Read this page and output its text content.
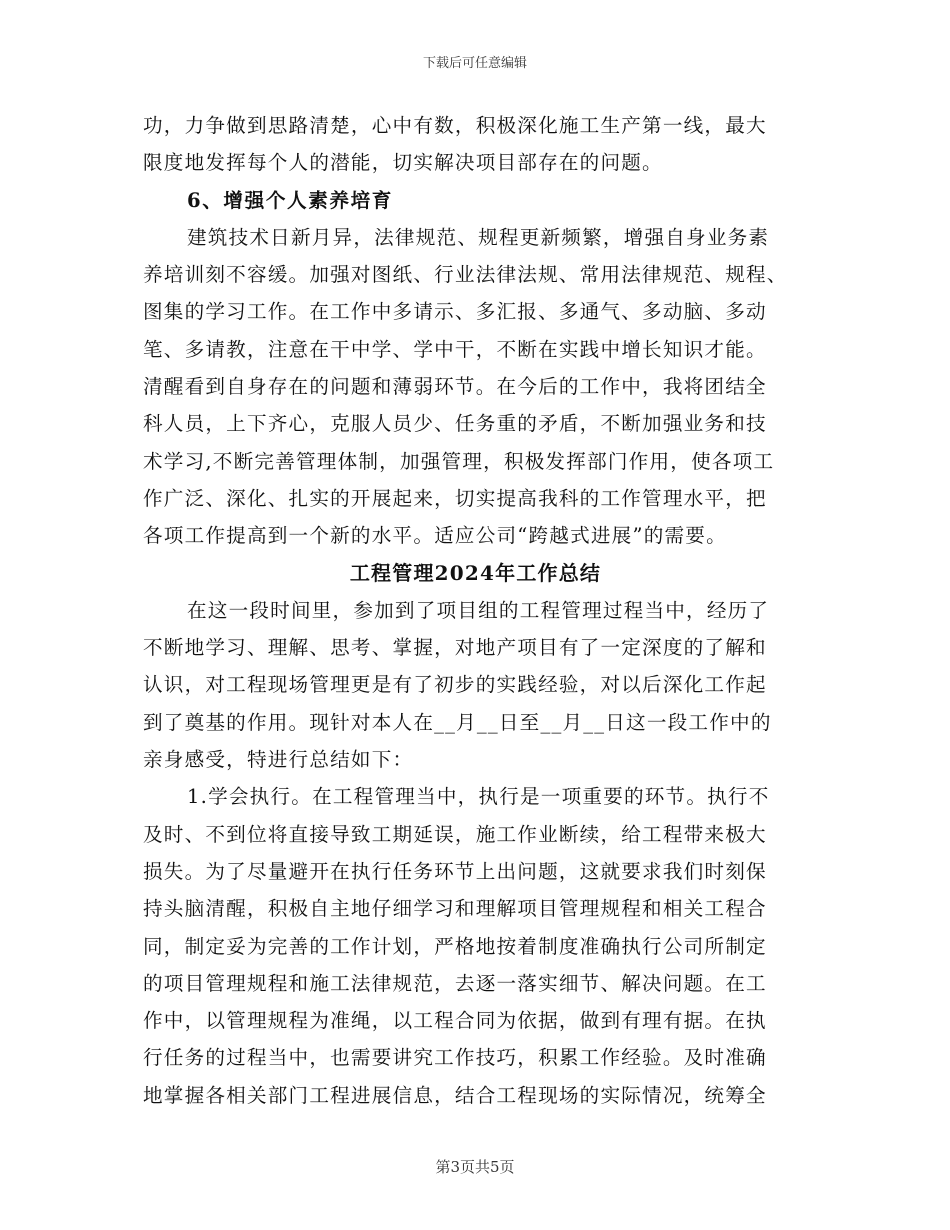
下载后可任意编辑
功，力争做到思路清楚，心中有数，积极深化施工生产第一线，最大
限度地发挥每个人的潜能，切实解决项目部存在的问题。
6、增强个人素养培育
建筑技术日新月异，法律规范、规程更新频繁，增强自身业务素
养培训刻不容缓。加强对图纸、行业法律法规、常用法律规范、规程、
图集的学习工作。在工作中多请示、多汇报、多通气、多动脑、多动
笔、多请教，注意在干中学、学中干，不断在实践中增长知识才能。
清醒看到自身存在的问题和薄弱环节。在今后的工作中，我将团结全
科人员，上下齐心，克服人员少、任务重的矛盾，不断加强业务和技
术学习,不断完善管理体制，加强管理，积极发挥部门作用，使各项工
作广泛、深化、扎实的开展起来，切实提高我科的工作管理水平，把
各项工作提高到一个新的水平。适应公司“跨越式进展”的需要。
工程管理2024年工作总结
在这一段时间里，参加到了项目组的工程管理过程当中，经历了
不断地学习、理解、思考、掌握，对地产项目有了一定深度的了解和
认识，对工程现场管理更是有了初步的实践经验，对以后深化工作起
到了奠基的作用。现针对本人在__月__日至__月__日这一段工作中的
亲身感受，特进行总结如下：
1.学会执行。在工程管理当中，执行是一项重要的环节。执行不
及时、不到位将直接导致工期延误，施工作业断续，给工程带来极大
损失。为了尽量避开在执行任务环节上出问题，这就要求我们时刻保
持头脑清醒，积极自主地仔细学习和理解项目管理规程和相关工程合
同，制定妥为完善的工作计划，严格地按着制度准确执行公司所制定
的项目管理规程和施工法律规范，去逐一落实细节、解决问题。在工
作中，以管理规程为准绳，以工程合同为依据，做到有理有据。在执
行任务的过程当中，也需要讲究工作技巧，积累工作经验。及时准确
地掌握各相关部门工程进展信息，结合工程现场的实际情况，统筹全
第3页共5页
